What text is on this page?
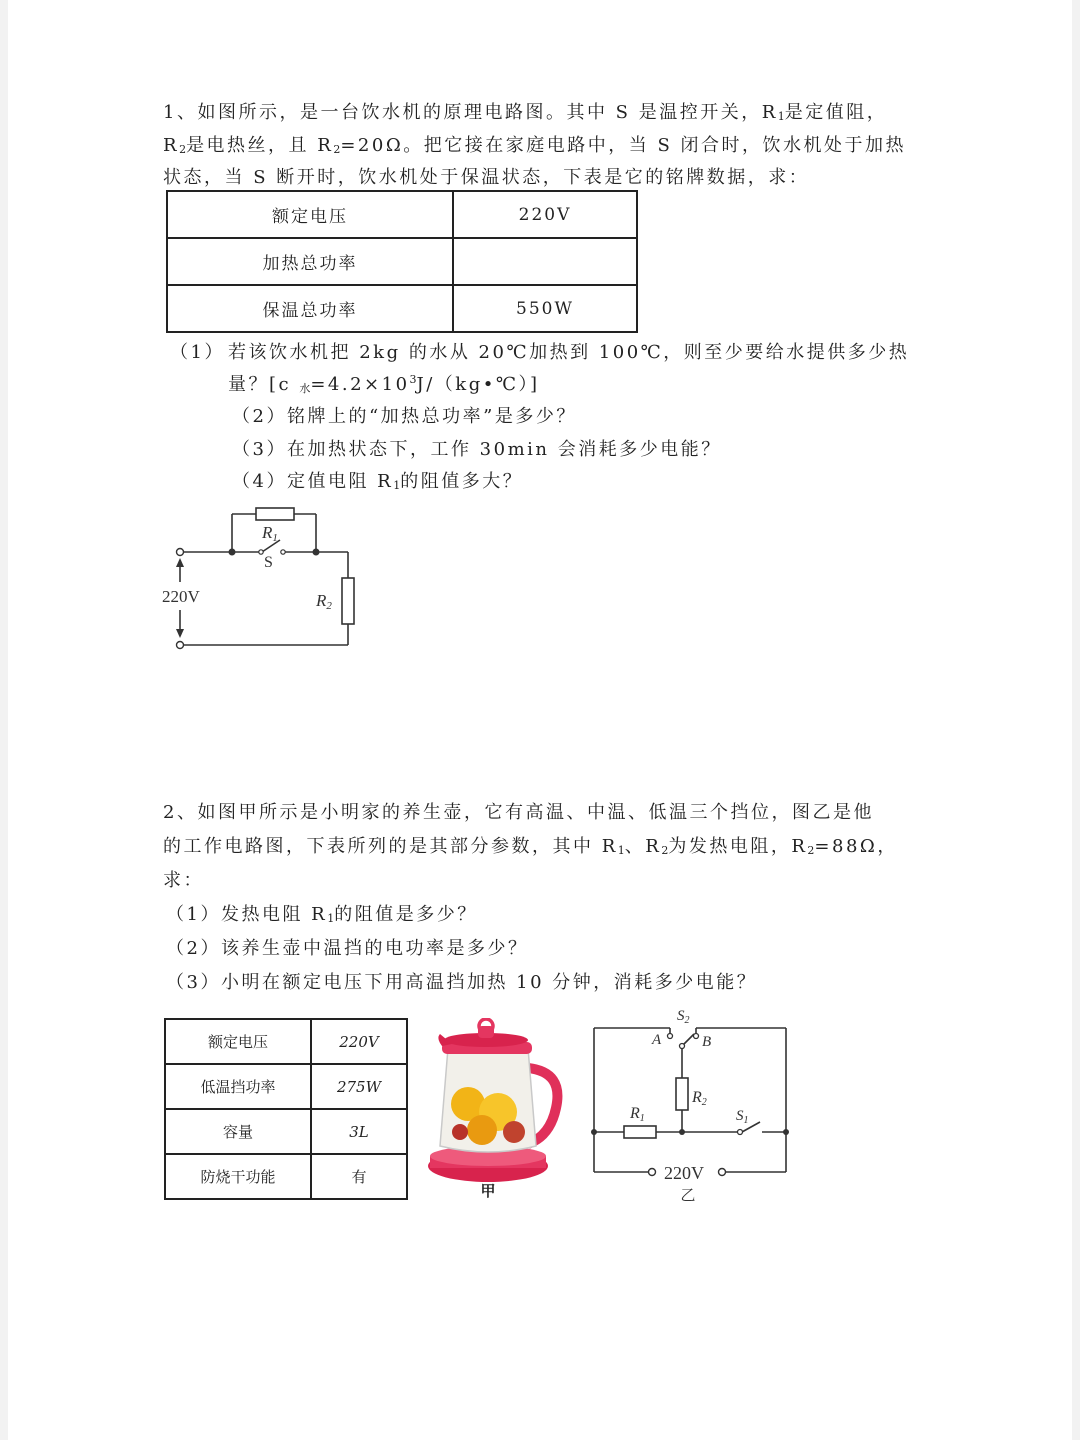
1、如图所示，是一台饮水机的原理电路图。其中 S 是温控开关，R1是定值阻，
R2是电热丝，且 R2=20Ω。把它接在家庭电路中，当 S 闭合时，饮水机处于加热
状态，当 S 断开时，饮水机处于保温状态，下表是它的铭牌数据，求：
额定电压	220V
加热总功率	
保温总功率	550W
（1） 若该饮水机把 2kg 的水从 20℃加热到 100℃，则至少要给水提供多少热
量？[c 水$=4.2\times 10^3J/(kg•℃)$]
（2）铭牌上的“加热总功率”是多少？
（3）在加热状态下，工作 30min 会消耗多少电能？
（4）定值电阻 R1的阻值多大？
R1
S
R2
220V
2、如图甲所示是小明家的养生壶，它有高温、中温、低温三个挡位，图乙是他
的工作电路图，下表所列的是其部分参数，其中 R1、R2为发热电阻，R2=88Ω，
求：
（1）发热电阻 R1的阻值是多少？
（2）该养生壶中温挡的电功率是多少？
（3）小明在额定电压下用高温挡加热 10 分钟，消耗多少电能？
额定电压	220V
低温挡功率	275W
容量	3L
防烧干功能	有
甲
$S_2$
A	B
R2
R1	$S_1$
220V
乙
